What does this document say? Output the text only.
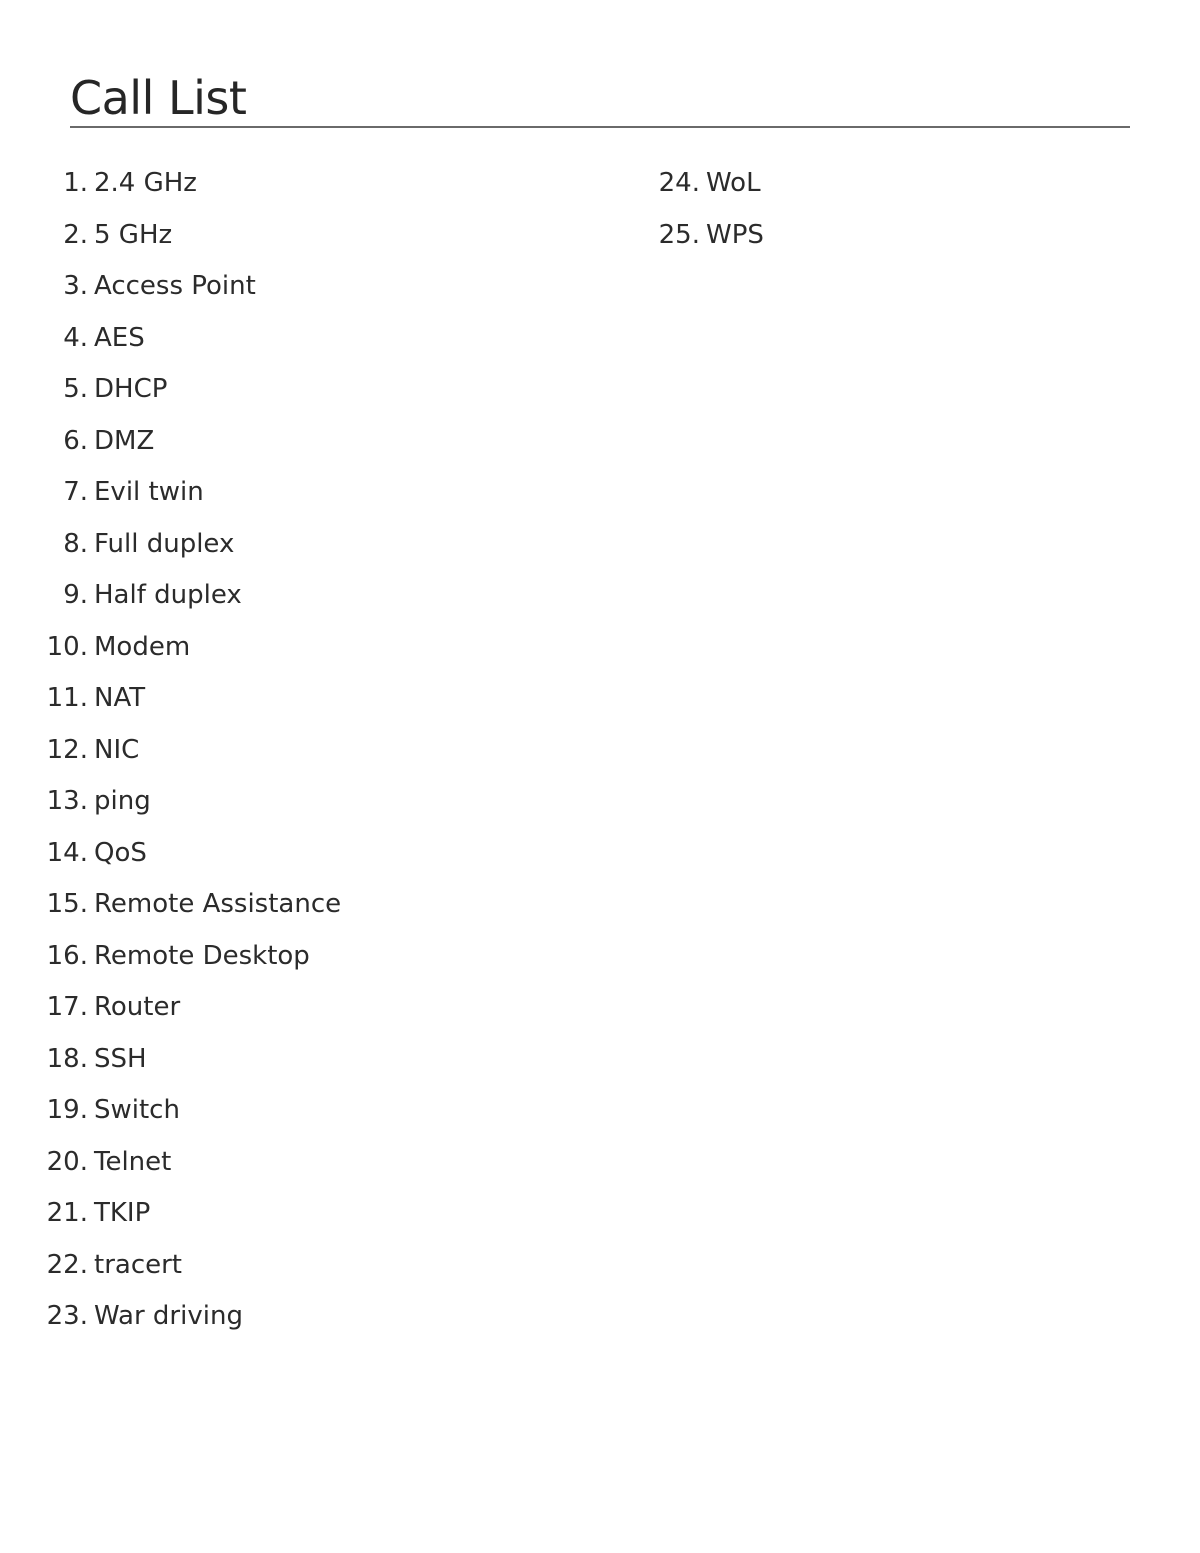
Call List
1. 2.4 GHz
2. 5 GHz
3. Access Point
4. AES
5. DHCP
6. DMZ
7. Evil twin
8. Full duplex
9. Half duplex
10. Modem
11. NAT
12. NIC
13. ping
14. QoS
15. Remote Assistance
16. Remote Desktop
17. Router
18. SSH
19. Switch
20. Telnet
21. TKIP
22. tracert
23. War driving
24. WoL
25. WPS
